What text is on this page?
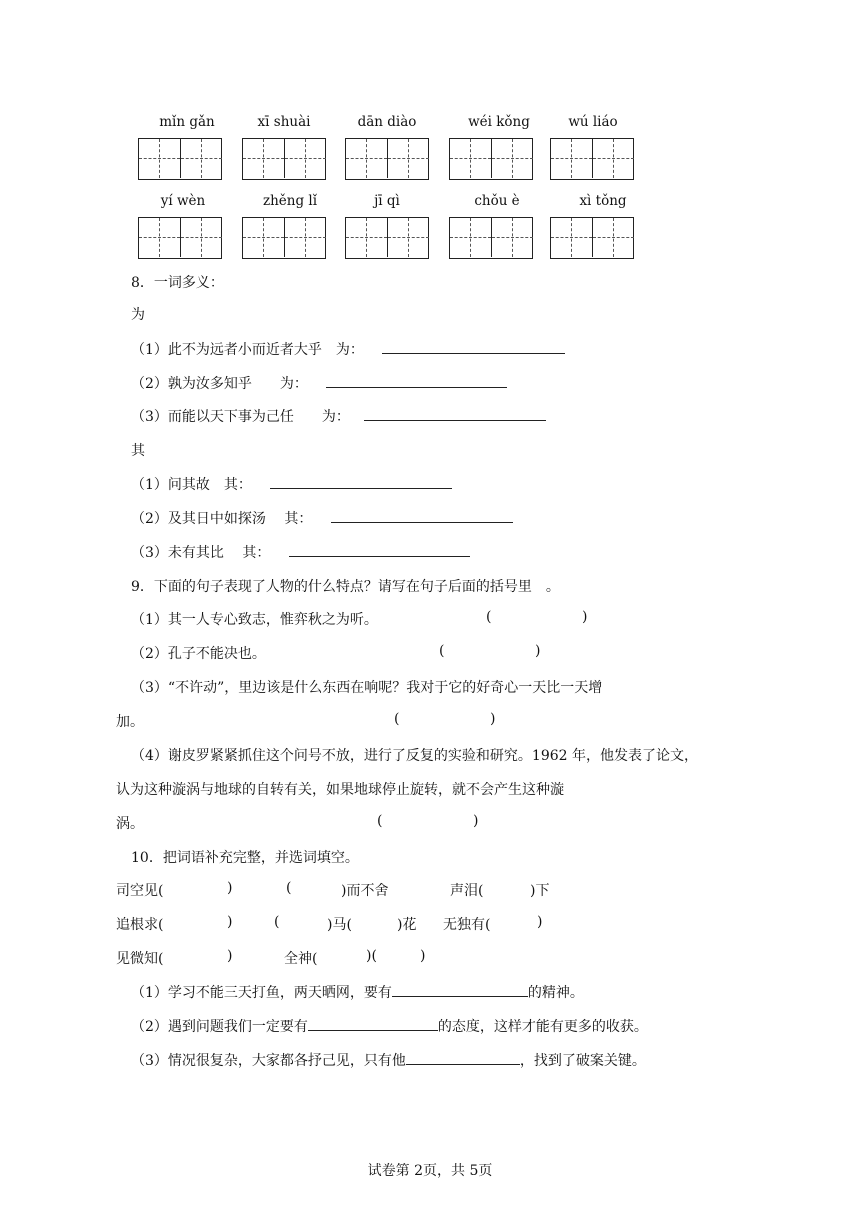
mǐn gǎn	xī shuài	dān diào	wéi kǒng	wú liáo
yí wèn	zhěng lǐ	jī qì	chǒu è	xì tǒng
8．一词多义：
为
（1）此不为远者小而近者大乎　为：
（2）孰为汝多知乎　　为：
（3）而能以天下事为己任　　为：
其
（1）问其故　其：
（2）及其日中如探汤　 其：
（3）未有其比　 其：
9．下面的句子表现了人物的什么特点？请写在句子后面的括号里　。
（1）其一人专心致志，惟弈秋之为听。	(	)
（2）孔子不能决也。	(	)
（3）“不许动”，里边该是什么东西在响呢？我对于它的好奇心一天比一天增
加。	(	)
（4）谢皮罗紧紧抓住这个问号不放，进行了反复的实验和研究。1962 年，他发表了论文，
认为这种漩涡与地球的自转有关，如果地球停止旋转，就不会产生这种漩
涡。	(	)
10．把词语补充完整，并选词填空。
司空见(	)	(	)而不舍	声泪(	)下
追根求(	)	(	)马(	)花 无独有(	)
见微知(	)	全神(	)(	)
（1）学习不能三天打鱼，两天晒网，要有	的精神。
（2）遇到问题我们一定要有	的态度，这样才能有更多的收获。
（3）情况很复杂，大家都各抒己见，只有他	，找到了破案关键。
试卷第 2页，共 5页
